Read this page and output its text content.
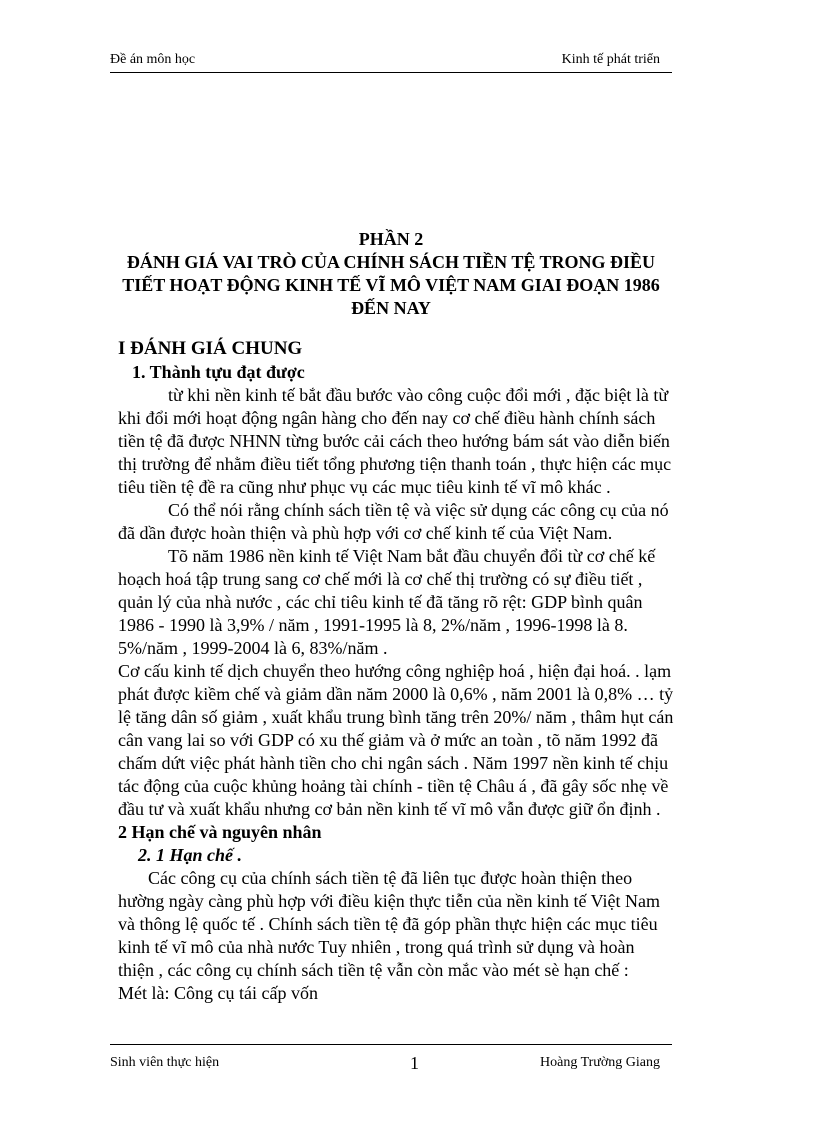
Đề án môn học	Kinh tế phát triển
PHẦN 2
ĐÁNH GIÁ VAI TRÒ CỦA CHÍNH SÁCH TIỀN TỆ TRONG ĐIỀU
TIẾT HOẠT ĐỘNG KINH TẾ VĨ MÔ VIỆT NAM GIAI ĐOẠN 1986
ĐẾN NAY
I ĐÁNH GIÁ CHUNG
1. Thành tựu đạt được
từ khi nền kinh tế bắt đầu bước vào công cuộc đổi mới , đặc biệt là từ
khi đổi mới hoạt động ngân hàng cho đến nay cơ chế điều hành chính sách
tiền tệ đã được NHNN từng bước cải cách theo hướng bám sát vào diễn biến
thị trường để nhằm điều tiết tổng phương tiện thanh toán , thực hiện các mục
tiêu tiền tệ đề ra cũng như phục vụ các mục tiêu kinh tế vĩ mô khác .
Có thể nói rằng chính sách tiền tệ và việc sử dụng các công cụ của nó
đã dần được hoàn thiện và phù hợp với cơ chế kinh tế của Việt Nam.
Tõ năm 1986 nền kinh tế Việt Nam bắt đầu chuyển đổi từ cơ chế kế
hoạch hoá tập trung sang cơ chế mới là cơ chế thị trường có sự điều tiết ,
quản lý của nhà nước , các chỉ tiêu kinh tế đã tăng rõ rệt: GDP bình quân
1986 - 1990 là 3,9% / năm , 1991-1995 là 8, 2%/năm , 1996-1998 là 8.
5%/năm , 1999-2004 là 6, 83%/năm .
Cơ cấu kinh tế dịch chuyển theo hướng công nghiệp hoá , hiện đại hoá. . lạm
phát được kiềm chế và giảm dần năm 2000 là 0,6% , năm 2001 là 0,8% … tỷ
lệ tăng dân số giảm , xuất khẩu trung bình tăng trên 20%/ năm , thâm hụt cán
cân vang lai so với GDP có xu thế giảm và ở mức an toàn , tõ năm 1992 đã
chấm dứt việc phát hành tiền cho chi ngân sách . Năm 1997 nền kinh tế chịu
tác động của cuộc khủng hoảng tài chính - tiền tệ Châu á , đã gây sốc nhẹ về
đầu tư và xuất khẩu nhưng cơ bản nền kinh tế vĩ mô vẫn được giữ ổn định .
2 Hạn chế và nguyên nhân
2. 1 Hạn chế .
Các công cụ của chính sách tiền tệ đã liên tục được hoàn thiện theo
hường ngày càng phù hợp với điều kiện thực tiễn của nền kinh tế Việt Nam
và thông lệ quốc tế . Chính sách tiền tệ đã góp phần thực hiện các mục tiêu
kinh tế vĩ mô của nhà nước Tuy nhiên , trong quá trình sử dụng và hoàn
thiện , các công cụ chính sách tiền tệ vẫn còn mắc vào mét sè hạn chế :
Mét là: Công cụ tái cấp vốn
Sinh viên thực hiện	1	Hoàng Trường Giang
